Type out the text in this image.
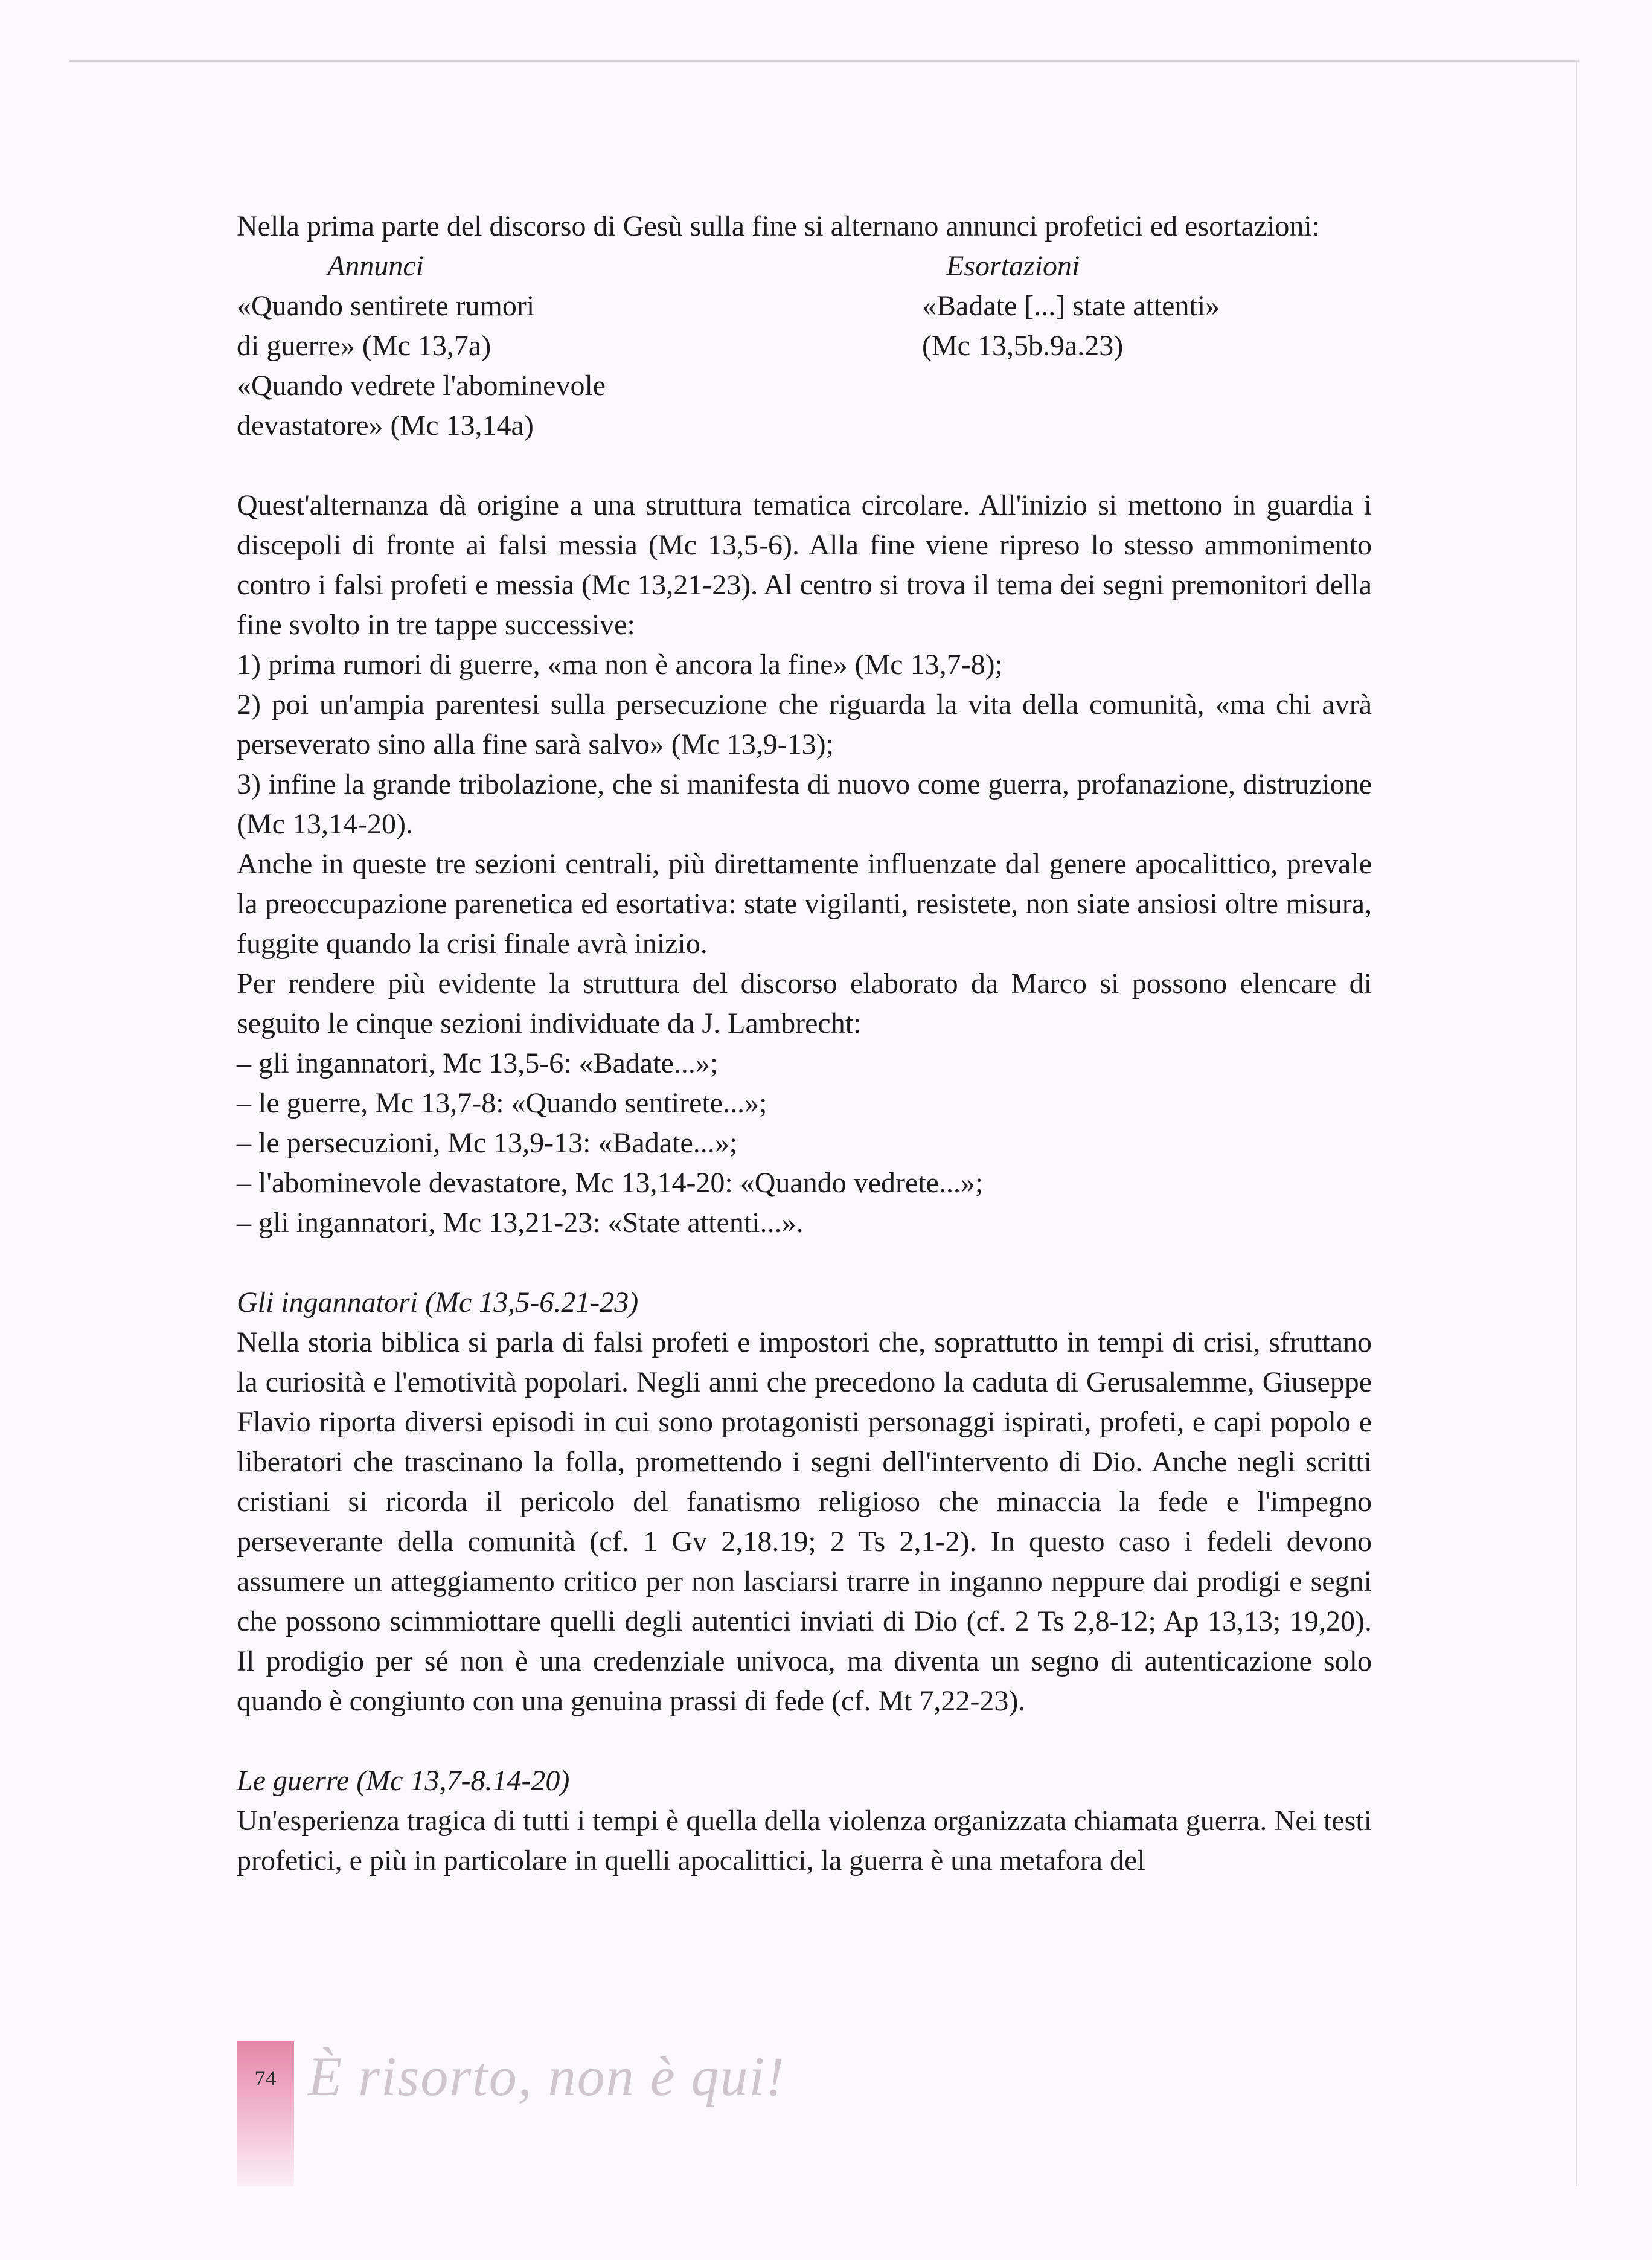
Nella prima parte del discorso di Gesù sulla fine si alternano annunci profetici ed esortazioni:
Annunci
«Quando sentirete rumori
di guerre» (Mc 13,7a)
«Quando vedrete l'abominevole
devastatore» (Mc 13,14a)
Esortazioni
«Badate [...] state attenti»
(Mc 13,5b.9a.23)
Quest'alternanza dà origine a una struttura tematica circolare. All'inizio si mettono in guardia i discepoli di fronte ai falsi messia (Mc 13,5-6). Alla fine viene ripreso lo stesso ammonimento contro i falsi profeti e messia (Mc 13,21-23). Al centro si trova il tema dei segni premonitori della fine svolto in tre tappe successive:
1) prima rumori di guerre, «ma non è ancora la fine» (Mc 13,7-8);
2) poi un'ampia parentesi sulla persecuzione che riguarda la vita della comunità, «ma chi avrà perseverato sino alla fine sarà salvo» (Mc 13,9-13);
3) infine la grande tribolazione, che si manifesta di nuovo come guerra, profanazione, distruzione (Mc 13,14-20).
Anche in queste tre sezioni centrali, più direttamente influenzate dal genere apocalittico, prevale la preoccupazione parenetica ed esortativa: state vigilanti, resistete, non siate ansiosi oltre misura, fuggite quando la crisi finale avrà inizio.
Per rendere più evidente la struttura del discorso elaborato da Marco si possono elencare di seguito le cinque sezioni individuate da J. Lambrecht:
– gli ingannatori, Mc 13,5-6: «Badate...»;
– le guerre, Mc 13,7-8: «Quando sentirete...»;
– le persecuzioni, Mc 13,9-13: «Badate...»;
– l'abominevole devastatore, Mc 13,14-20: «Quando vedrete...»;
– gli ingannatori, Mc 13,21-23: «State attenti...».
Gli ingannatori (Mc 13,5-6.21-23)
Nella storia biblica si parla di falsi profeti e impostori che, soprattutto in tempi di crisi, sfruttano la curiosità e l'emotività popolari. Negli anni che precedono la caduta di Gerusalemme, Giuseppe Flavio riporta diversi episodi in cui sono protagonisti personaggi ispirati, profeti, e capi popolo e liberatori che trascinano la folla, promettendo i segni dell'intervento di Dio. Anche negli scritti cristiani si ricorda il pericolo del fanatismo religioso che minaccia la fede e l'impegno perseverante della comunità (cf. 1 Gv 2,18.19; 2 Ts 2,1-2). In questo caso i fedeli devono assumere un atteggiamento critico per non lasciarsi trarre in inganno neppure dai prodigi e segni che possono scimmiottare quelli degli autentici inviati di Dio (cf. 2 Ts 2,8-12; Ap 13,13; 19,20). Il prodigio per sé non è una credenziale univoca, ma diventa un segno di autenticazione solo quando è congiunto con una genuina prassi di fede (cf. Mt 7,22-23).
Le guerre (Mc 13,7-8.14-20)
Un'esperienza tragica di tutti i tempi è quella della violenza organizzata chiamata guerra. Nei testi profetici, e più in particolare in quelli apocalittici, la guerra è una metafora del
74 È risorto, non è qui!
